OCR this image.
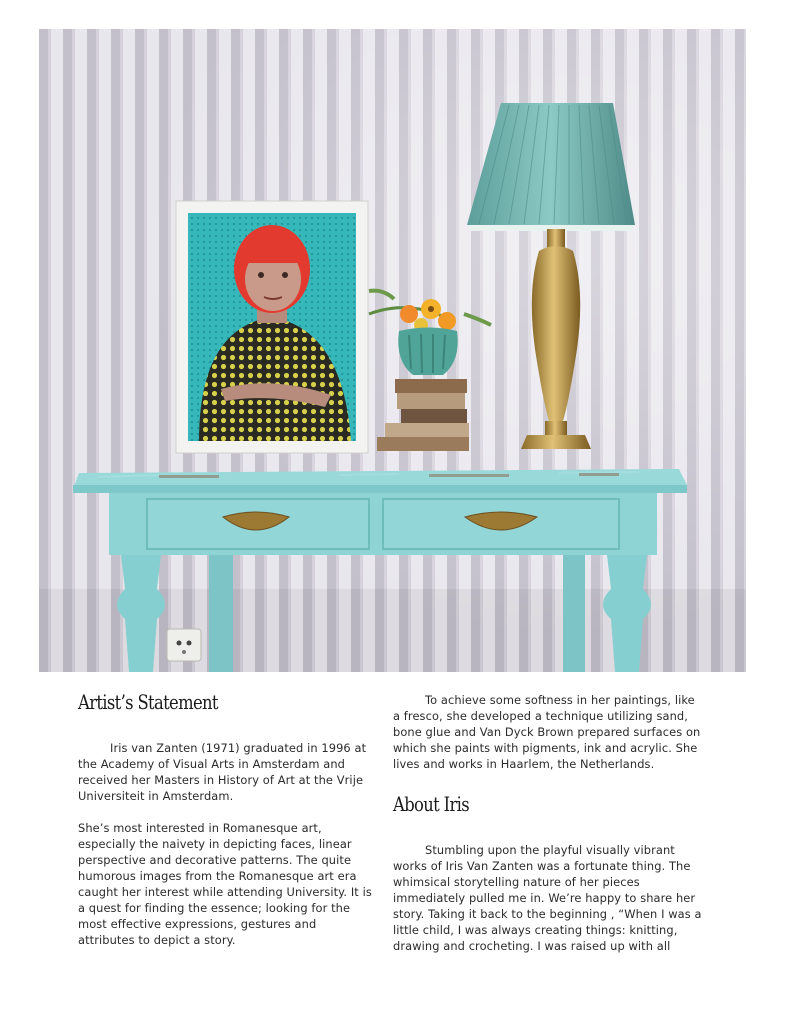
Artist’s Statement

Iris van Zanten (1971) graduated in 1996 at the Academy of Visual Arts in Amsterdam and received her Masters in History of Art at the Vrije Universiteit in Amsterdam.

She’s most interested in Romanesque art, especially the naivety in depicting faces, linear perspective and decorative patterns. The quite humorous images from the Romanesque art era caught her interest while attending University. It is a quest for finding the essence; looking for the most effective expressions, gestures and attributes to depict a story.

To achieve some softness in her paintings, like a fresco, she developed a technique utilizing sand, bone glue and Van Dyck Brown prepared surfaces on which she paints with pigments, ink and acrylic. She lives and works in Haarlem, the Netherlands.

About Iris

Stumbling upon the playful visually vibrant works of Iris Van Zanten was a fortunate thing. The whimsical storytelling nature of her pieces immediately pulled me in. We’re happy to share her story. Taking it back to the beginning , “When I was a little child, I was always creating things: knitting, drawing and crocheting. I was raised up with all
